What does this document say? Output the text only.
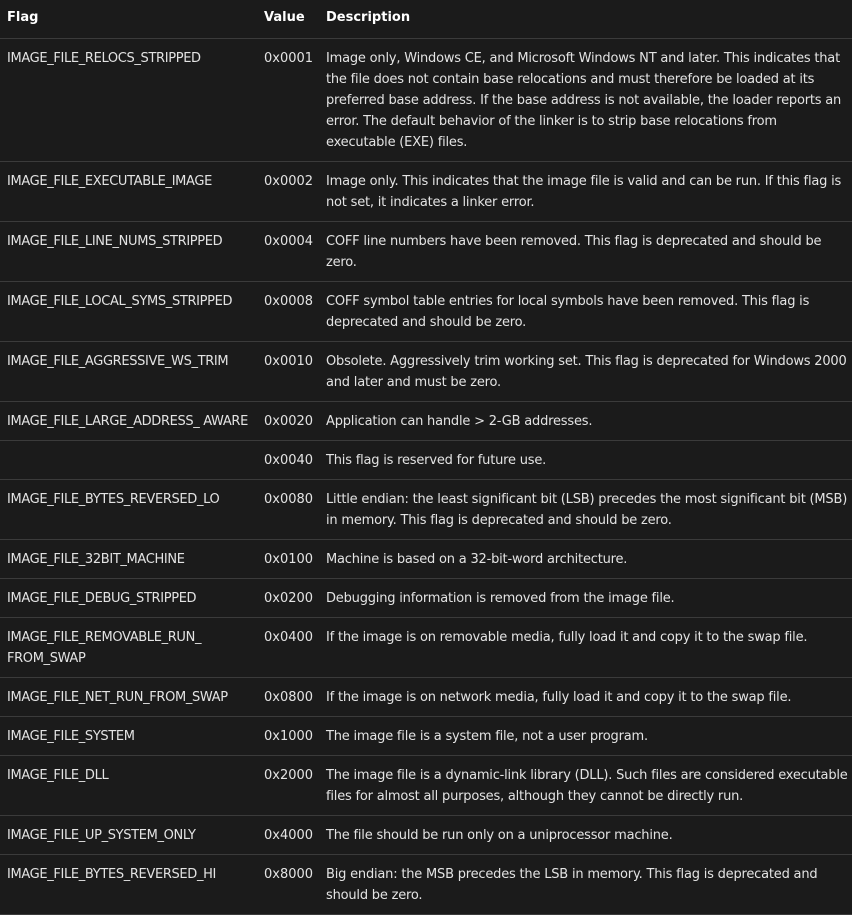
Flag	Value	Description
IMAGE_FILE_RELOCS_STRIPPED	0x0001	Image only, Windows CE, and Microsoft Windows NT and later. This indicates that the file does not contain base relocations and must therefore be loaded at its preferred base address. If the base address is not available, the loader reports an error. The default behavior of the linker is to strip base relocations from executable (EXE) files.
IMAGE_FILE_EXECUTABLE_IMAGE	0x0002	Image only. This indicates that the image file is valid and can be run. If this flag is not set, it indicates a linker error.
IMAGE_FILE_LINE_NUMS_STRIPPED	0x0004	COFF line numbers have been removed. This flag is deprecated and should be zero.
IMAGE_FILE_LOCAL_SYMS_STRIPPED	0x0008	COFF symbol table entries for local symbols have been removed. This flag is deprecated and should be zero.
IMAGE_FILE_AGGRESSIVE_WS_TRIM	0x0010	Obsolete. Aggressively trim working set. This flag is deprecated for Windows 2000 and later and must be zero.
IMAGE_FILE_LARGE_ADDRESS_ AWARE	0x0020	Application can handle > 2-GB addresses.
	0x0040	This flag is reserved for future use.
IMAGE_FILE_BYTES_REVERSED_LO	0x0080	Little endian: the least significant bit (LSB) precedes the most significant bit (MSB) in memory. This flag is deprecated and should be zero.
IMAGE_FILE_32BIT_MACHINE	0x0100	Machine is based on a 32-bit-word architecture.
IMAGE_FILE_DEBUG_STRIPPED	0x0200	Debugging information is removed from the image file.
IMAGE_FILE_REMOVABLE_RUN_ FROM_SWAP	0x0400	If the image is on removable media, fully load it and copy it to the swap file.
IMAGE_FILE_NET_RUN_FROM_SWAP	0x0800	If the image is on network media, fully load it and copy it to the swap file.
IMAGE_FILE_SYSTEM	0x1000	The image file is a system file, not a user program.
IMAGE_FILE_DLL	0x2000	The image file is a dynamic-link library (DLL). Such files are considered executable files for almost all purposes, although they cannot be directly run.
IMAGE_FILE_UP_SYSTEM_ONLY	0x4000	The file should be run only on a uniprocessor machine.
IMAGE_FILE_BYTES_REVERSED_HI	0x8000	Big endian: the MSB precedes the LSB in memory. This flag is deprecated and should be zero.
